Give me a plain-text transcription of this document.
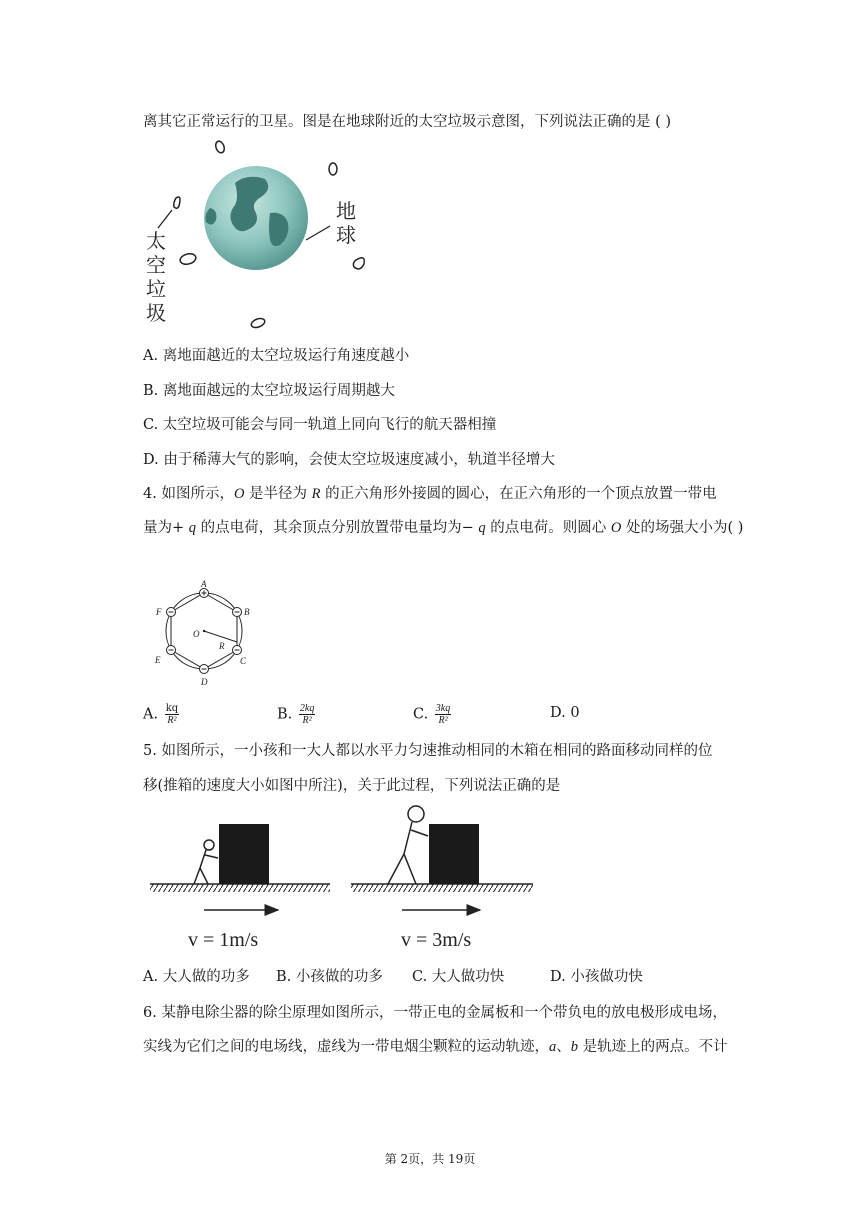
离其它正常运行的卫星。图是在地球附近的太空垃圾示意图，下列说法正确的是 ( )
地
球
太
空
垃
圾
A. 离地面越近的太空垃圾运行角速度越小
B. 离地面越远的太空垃圾运行周期越大
C. 太空垃圾可能会与同一轨道上同向飞行的航天器相撞
D. 由于稀薄大气的影响，会使太空垃圾速度减小，轨道半径增大
4. 如图所示，O 是半径为 R 的正六角形外接圆的圆心，在正六角形的一个顶点放置一带电
量为+ q 的点电荷，其余顶点分别放置带电量均为− q 的点电荷。则圆心 O 处的场强大小为( )
A
B
C
D
E
F
O
R
A. $\frac{kq}{\text{R²}}$	B. $\frac{2kq}{\text{R²}}$	C. $\frac{3kq}{\text{R²}}$	D. 0
5. 如图所示，一小孩和一大人都以水平力匀速推动相同的木箱在相同的路面移动同样的位
移(推箱的速度大小如图中所注)，关于此过程，下列说法正确的是
v = 1m/s	v = 3m/s
A. 大人做的功多 B. 小孩做的功多 C. 大人做功快	D. 小孩做功快
6. 某静电除尘器的除尘原理如图所示，一带正电的金属板和一个带负电的放电极形成电场，
实线为它们之间的电场线，虚线为一带电烟尘颗粒的运动轨迹，a、b 是轨迹上的两点。不计
第 2页，共 19页
